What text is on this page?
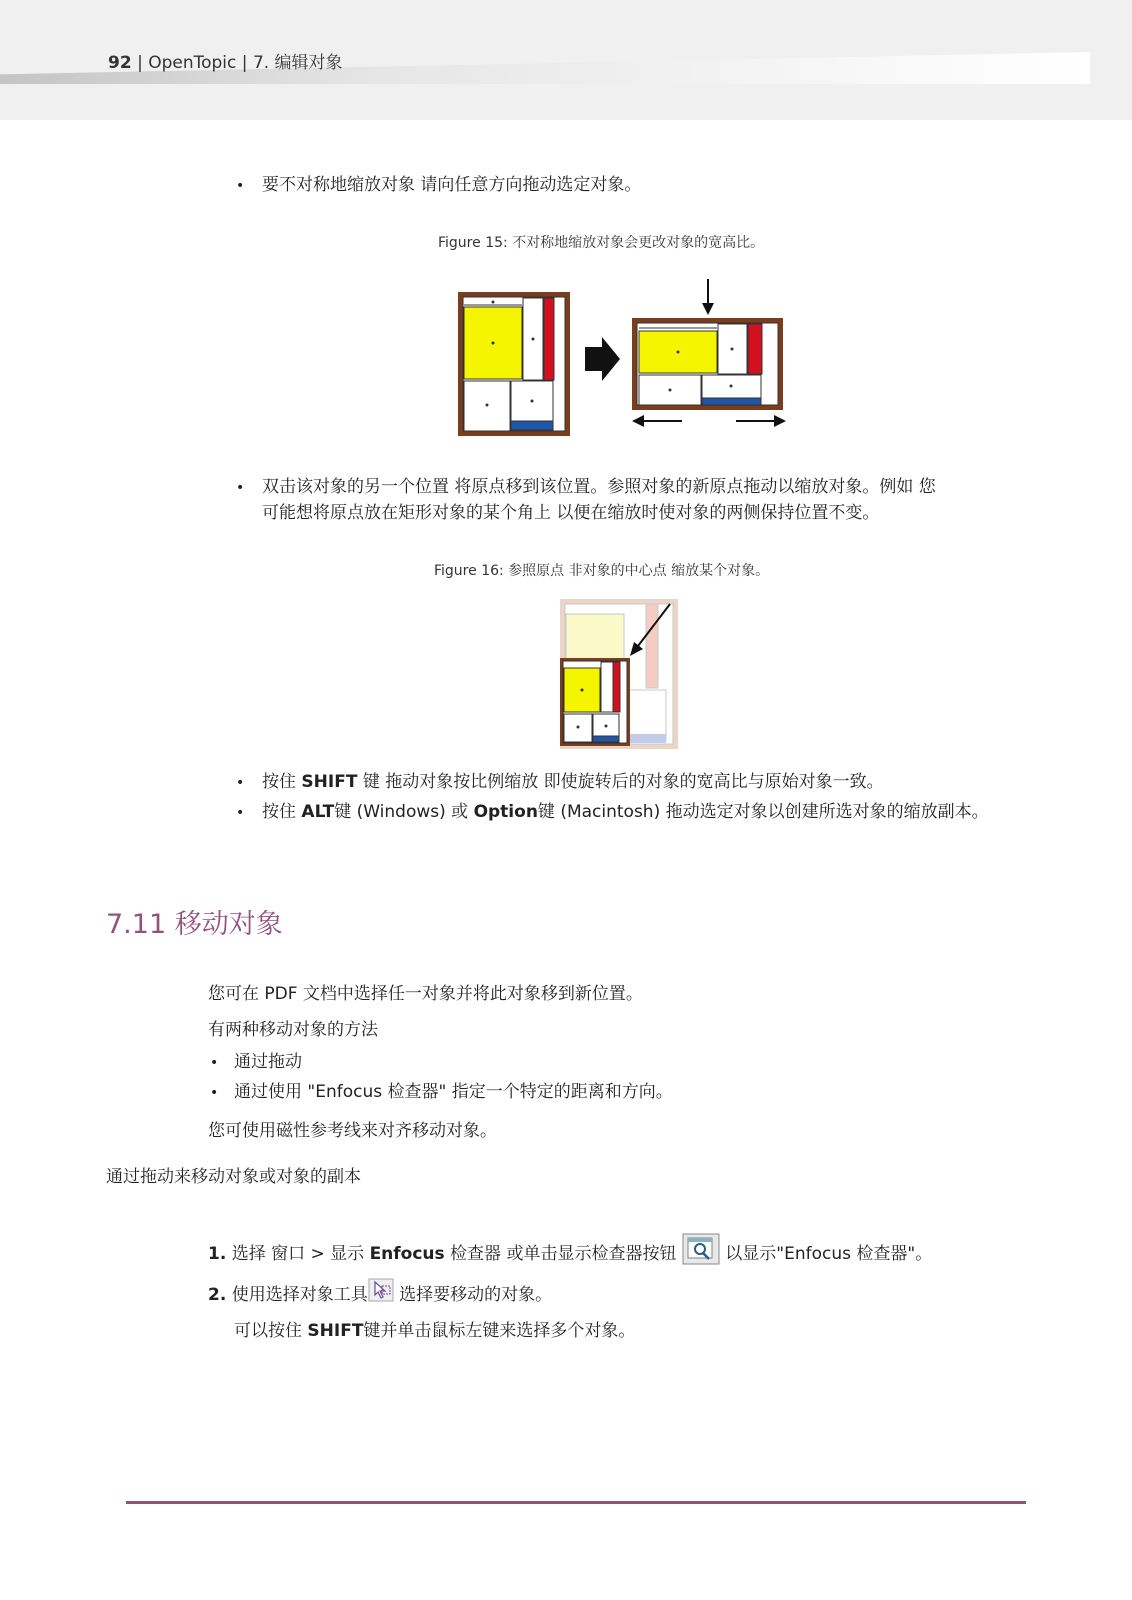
92 | OpenTopic | 7. 编辑对象
• 要不对称地缩放对象 请向任意方向拖动选定对象。
Figure 15: 不对称地缩放对象会更改对象的宽高比。
• 双击该对象的另一个位置 将原点移到该位置。参照对象的新原点拖动以缩放对象。例如 您
可能想将原点放在矩形对象的某个角上 以便在缩放时使对象的两侧保持位置不变。
Figure 16: 参照原点 非对象的中心点 缩放某个对象。
• 按住 SHIFT 键 拖动对象按比例缩放 即使旋转后的对象的宽高比与原始对象一致。
• 按住 ALT键 (Windows) 或 Option键 (Macintosh) 拖动选定对象以创建所选对象的缩放副本。
7.11 移动对象
您可在 PDF 文档中选择任一对象并将此对象移到新位置。
有两种移动对象的方法
• 通过拖动
• 通过使用 "Enfocus 检查器" 指定一个特定的距离和方向。
您可使用磁性参考线来对齐移动对象。
通过拖动来移动对象或对象的副本
1. 选择 窗口 > 显示 Enfocus 检查器 或单击显示检查器按钮	以显示"Enfocus 检查器"。
2. 使用选择对象工具 选择要移动的对象。
可以按住 SHIFT键并单击鼠标左键来选择多个对象。
